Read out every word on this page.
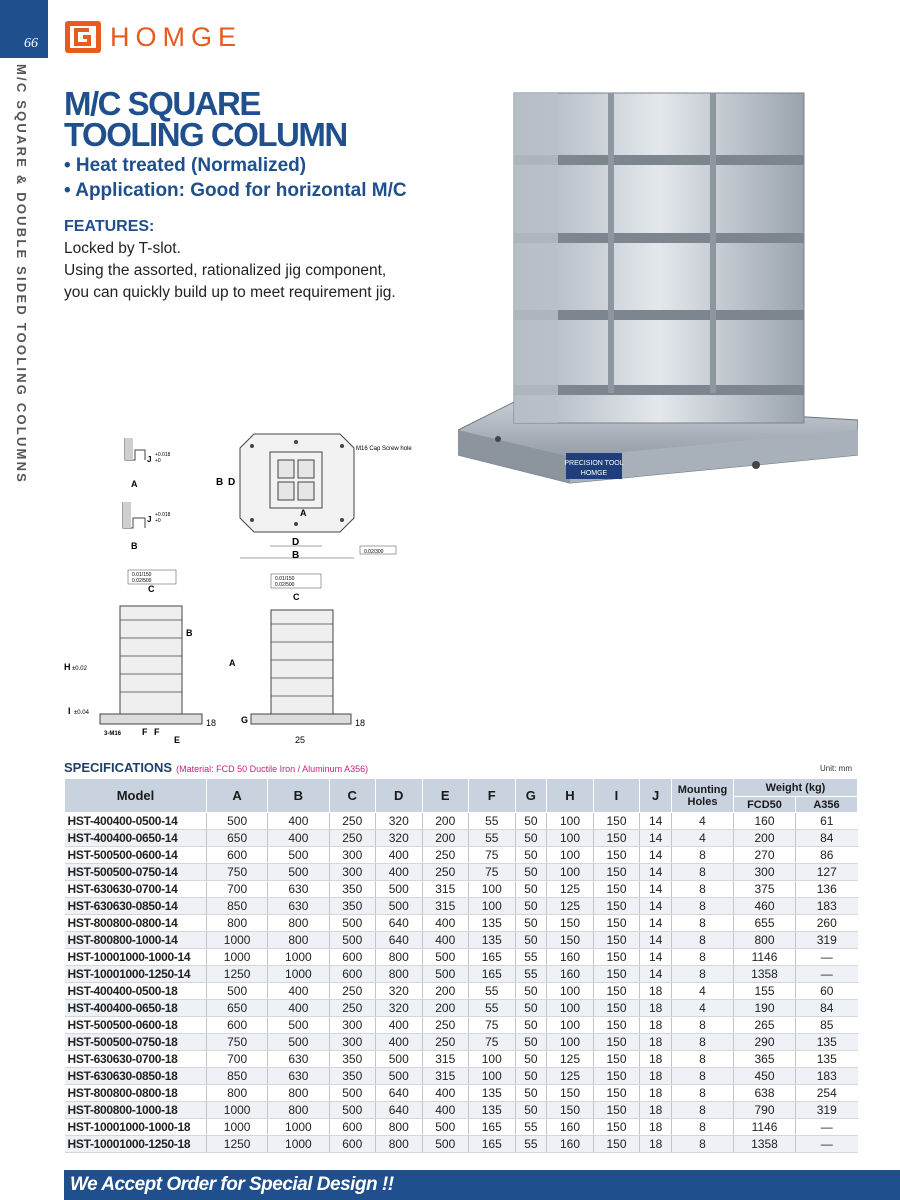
66
M/C SQUARE & DOUBLE SIDED TOOLING COLUMNS
HOMGE
M/C SQUARE
TOOLING COLUMN
• Heat treated (Normalized)
• Application: Good for horizontal M/C
FEATURES:
Locked by T-slot.
Using the assorted, rationalized jig component,
you can quickly build up to meet requirement jig.
PRECISION TOOL
HOMGE
J +0.018
+0
A
J +0.018
+0
B
M16 Cap Screw hole
B D
A
D
B	0.02/300
0.01/150
0.02/500
C
B
H ±0.02
I ±0.04
3-M16 F F
E
18
0.01/150
0.02/500
C
A
G	18
25
SPECIFICATIONS (Material: FCD 50 Ductile Iron / Aluminum A356)	Unit: mm
Model	A	B	C	D	E	F	G	H	I	J	Mounting
Holes	Weight (kg)	
												FCD50	A356
HST-400400-0500-14	500	400	250	320	200	55	50	100	150	14	4	160	61
HST-400400-0650-14	650	400	250	320	200	55	50	100	150	14	4	200	84
HST-500500-0600-14	600	500	300	400	250	75	50	100	150	14	8	270	86
HST-500500-0750-14	750	500	300	400	250	75	50	100	150	14	8	300	127
HST-630630-0700-14	700	630	350	500	315	100	50	125	150	14	8	375	136
HST-630630-0850-14	850	630	350	500	315	100	50	125	150	14	8	460	183
HST-800800-0800-14	800	800	500	640	400	135	50	150	150	14	8	655	260
HST-800800-1000-14	1000	800	500	640	400	135	50	150	150	14	8	800	319
HST-10001000-1000-14	1000	1000	600	800	500	165	55	160	150	14	8	1146	—
HST-10001000-1250-14	1250	1000	600	800	500	165	55	160	150	14	8	1358	—
HST-400400-0500-18	500	400	250	320	200	55	50	100	150	18	4	155	60
HST-400400-0650-18	650	400	250	320	200	55	50	100	150	18	4	190	84
HST-500500-0600-18	600	500	300	400	250	75	50	100	150	18	8	265	85
HST-500500-0750-18	750	500	300	400	250	75	50	100	150	18	8	290	135
HST-630630-0700-18	700	630	350	500	315	100	50	125	150	18	8	365	135
HST-630630-0850-18	850	630	350	500	315	100	50	125	150	18	8	450	183
HST-800800-0800-18	800	800	500	640	400	135	50	150	150	18	8	638	254
HST-800800-1000-18	1000	800	500	640	400	135	50	150	150	18	8	790	319
HST-10001000-1000-18	1000	1000	600	800	500	165	55	160	150	18	8	1146	—
HST-10001000-1250-18	1250	1000	600	800	500	165	55	160	150	18	8	1358	—
We Accept Order for Special Design !!
